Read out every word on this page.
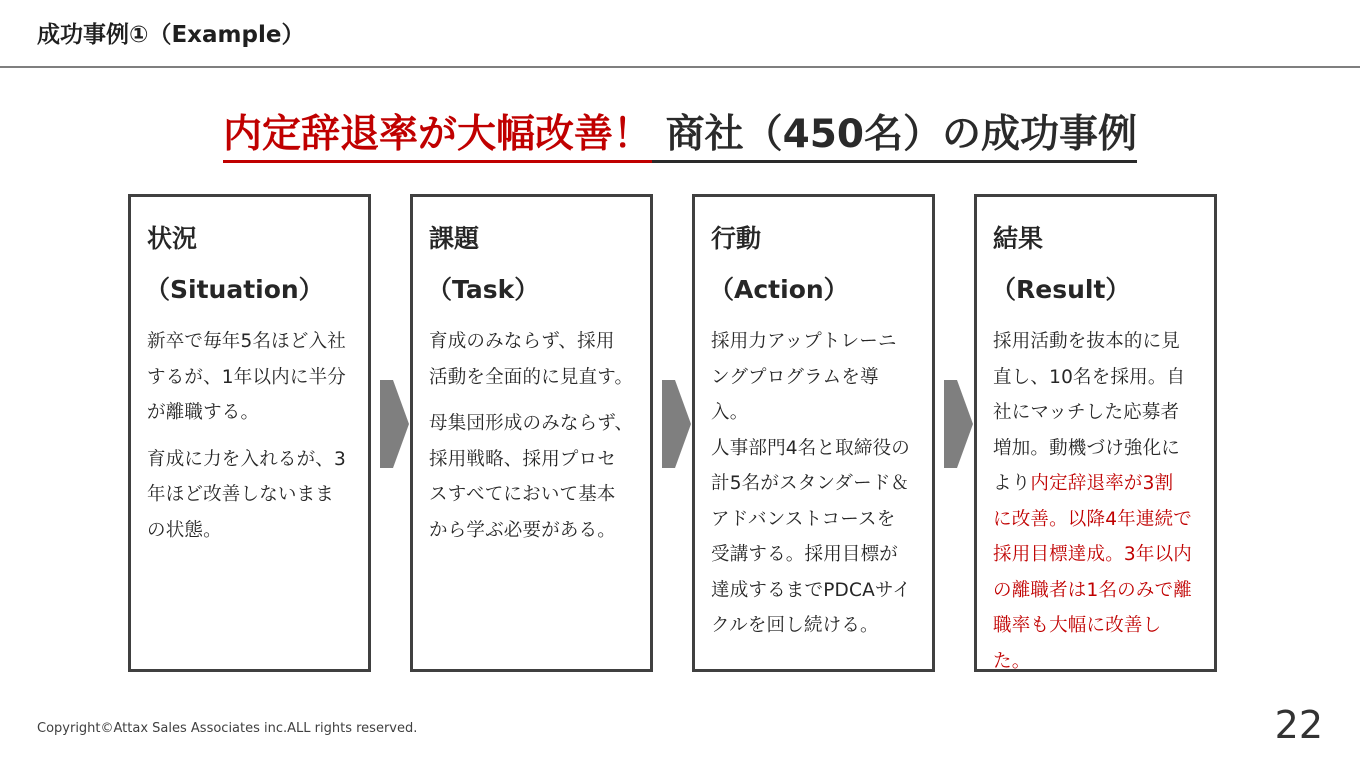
成功事例①（Example）
内定辞退率が大幅改善！ 商社（450名）の成功事例
状況
（Situation）
新卒で毎年5名ほど入社
するが、1年以内に半分
が離職する。
育成に力を入れるが、3
年ほど改善しないまま
の状態。
課題
（Task）
育成のみならず、採用
活動を全面的に見直す。
母集団形成のみならず、
採用戦略、採用プロセ
スすべてにおいて基本
から学ぶ必要がある。
行動
（Action）
採用力アップトレーニ
ングプログラムを導入。
人事部門4名と取締役の
計5名がスタンダード＆
アドバンストコースを
受講する。採用目標が
達成するまでPDCAサイ
クルを回し続ける。
結果
（Result）
採用活動を抜本的に見
直し、10名を採用。自
社にマッチした応募者
増加。動機づけ強化に
より内定辞退率が3割
に改善。以降4年連続で
採用目標達成。3年以内
の離職者は1名のみで離
職率も大幅に改善した。
Copyright©Attax Sales Associates inc.ALL rights reserved.	22
